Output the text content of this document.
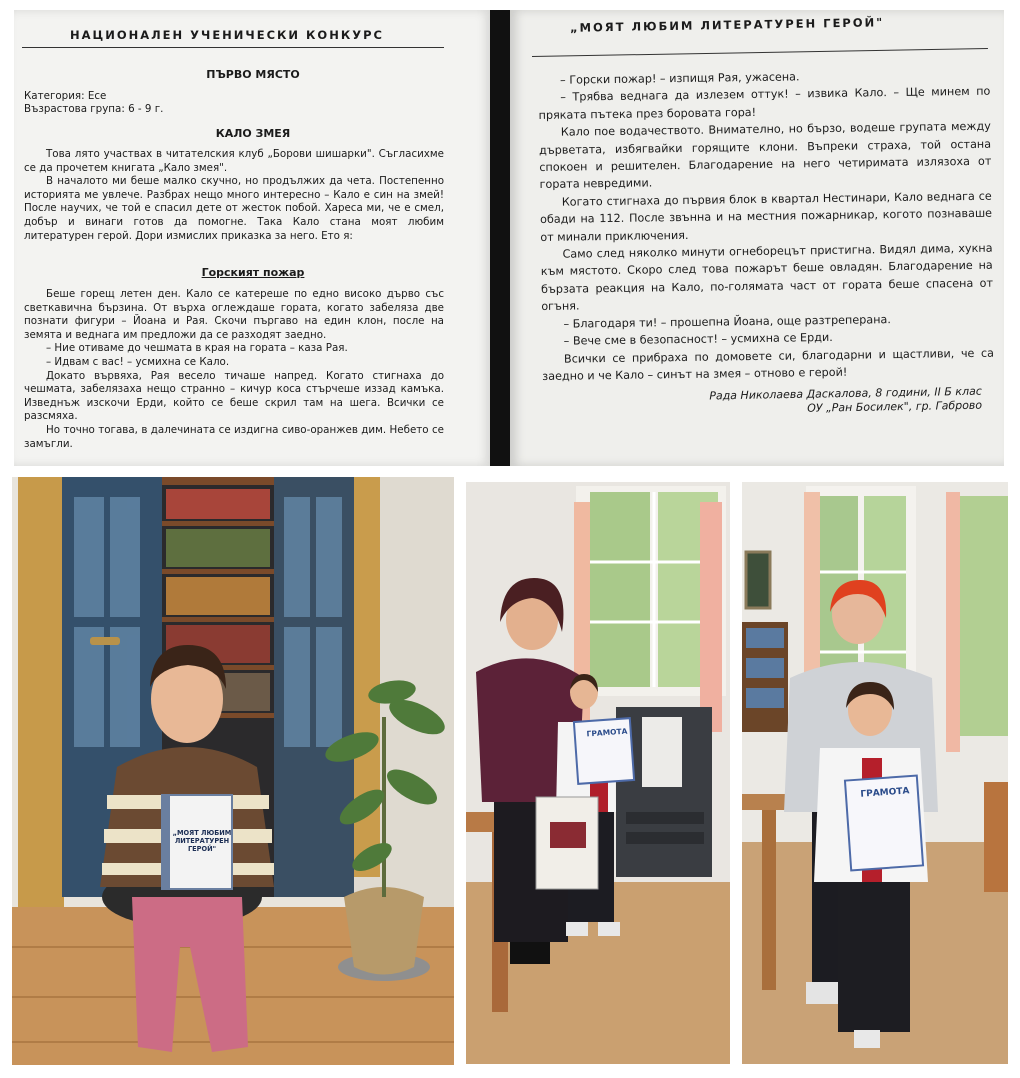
НАЦИОНАЛЕН УЧЕНИЧЕСКИ КОНКУРС
ПЪРВО МЯСТО
Категория: Есе
Възрастова група: 6 - 9 г.
КАЛО ЗМЕЯ

Това лято участвах в читателския клуб „Борови шишарки". Съгласихме се да прочетем книгата „Кало змея".

В началото ми беше малко скучно, но продължих да чета. Постепенно историята ме увлече. Разбрах нещо много интересно – Кало е син на змей! После научих, че той е спасил дете от жесток побой. Хареса ми, че е смел, добър и винаги готов да помогне. Така Кало стана моят любим литературен герой. Дори измислих приказка за него. Ето я:

Горският пожар

Беше горещ летен ден. Кало се катереше по едно високо дърво със светкавична бързина. От върха оглеждаше гората, когато забеляза две познати фигури – Йоана и Рая. Скочи пъргаво на един клон, после на земята и веднага им предложи да се разходят заедно.

– Ние отиваме до чешмата в края на гората – каза Рая.

– Идвам с вас! – усмихна се Кало.

Докато вървяха, Рая весело тичаше напред. Когато стигнаха до чешмата, забелязаха нещо странно – кичур коса стърчеше иззад камъка. Изведнъж изскочи Ерди, който се беше скрил там на шега. Всички се разсмяха.

Но точно тогава, в далечината се издигна сиво-оранжев дим. Небето се замъгли.

„МОЯТ ЛЮБИМ ЛИТЕРАТУРЕН ГЕРОЙ"

– Горски пожар! – изпищя Рая, ужасена.

– Трябва веднага да излезем оттук! – извика Кало. – Ще минем по пряката пътека през боровата гора!

Кало пое водачеството. Внимателно, но бързо, водеше групата между дърветата, избягвайки горящите клони. Въпреки страха, той остана спокоен и решителен. Благодарение на него четиримата излязоха от гората невредими.

Когато стигнаха до първия блок в квартал Нестинари, Кало веднага се обади на 112. После звънна и на местния пожарникар, когото познаваше от минали приключения.

Само след няколко минути огнеборецът пристигна. Видял дима, хукна към мястото. Скоро след това пожарът беше овладян. Благодарение на бързата реакция на Кало, по-голямата част от гората беше спасена от огъня.

– Благодаря ти! – прошепна Йоана, още разтреперана.

– Вече сме в безопасност! – усмихна се Ерди.

Всички се прибраха по домовете си, благодарни и щастливи, че са заедно и че Кало – синът на змея – отново е герой!

Рада Николаева Даскалова, 8 години, II Б клас
ОУ „Ран Босилек", гр. Габрово
„МОЯТ ЛЮБИМ ЛИТЕРАТУРЕН ГЕРОЙ"
ГРАМОТА
ГРАМОТА
